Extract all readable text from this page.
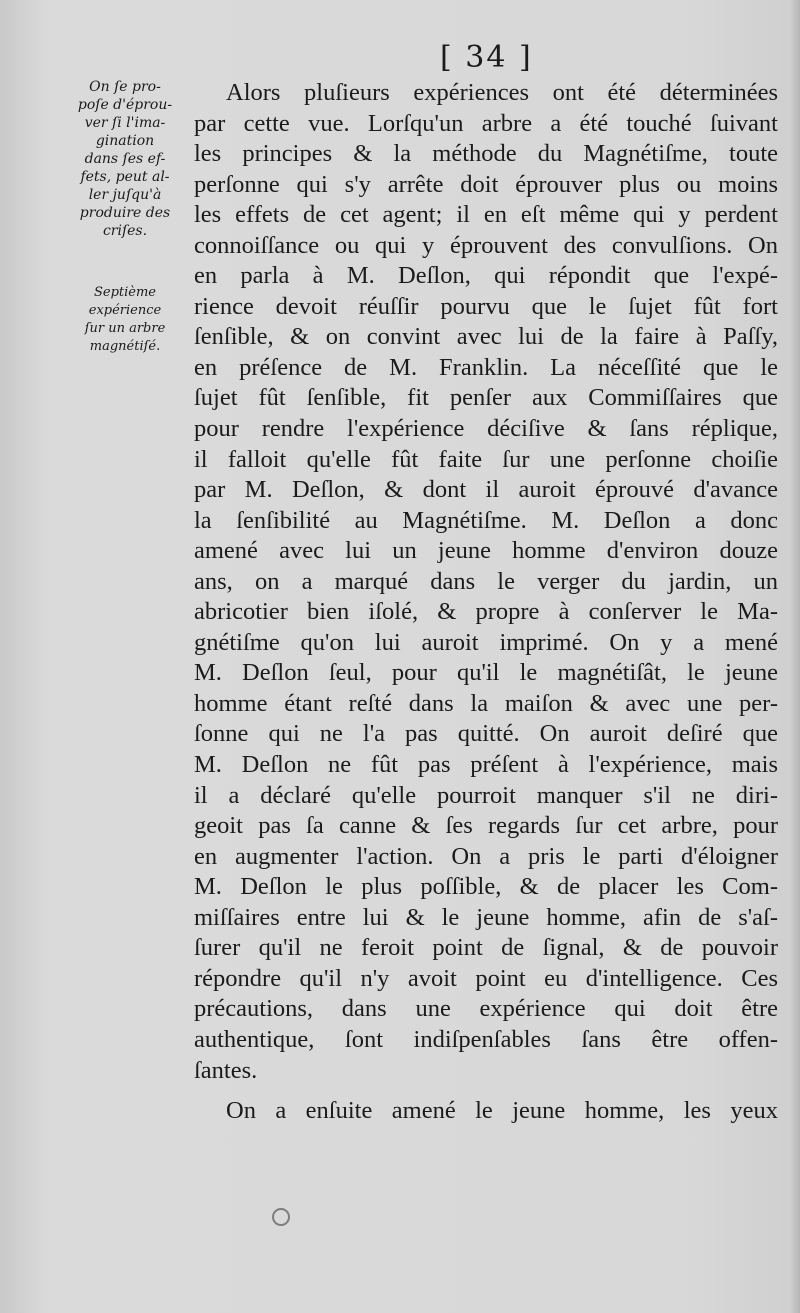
[ 34 ]
On ſe pro-
poſe d'éprou-
ver ſi l'ima-
gination
dans ſes ef-
fets, peut al-
ler juſqu'à
produire des
criſes.
Septième
expérience
ſur un arbre
magnétiſé.
Alors pluſieurs expériences ont été déterminées
par cette vue. Lorſqu'un arbre a été touché ſuivant
les principes & la méthode du Magnétiſme, toute
perſonne qui s'y arrête doit éprouver plus ou moins
les effets de cet agent; il en eſt même qui y perdent
connoiſſance ou qui y éprouvent des convulſions. On
en parla à M. Deſlon, qui répondit que l'expé-
rience devoit réuſſir pourvu que le ſujet fût fort
ſenſible, & on convint avec lui de la faire à Paſſy,
en préſence de M. Franklin. La néceſſité que le
ſujet fût ſenſible, fit penſer aux Commiſſaires que
pour rendre l'expérience déciſive & ſans réplique,
il falloit qu'elle fût faite ſur une perſonne choiſie
par M. Deſlon, & dont il auroit éprouvé d'avance
la ſenſibilité au Magnétiſme. M. Deſlon a donc
amené avec lui un jeune homme d'environ douze
ans, on a marqué dans le verger du jardin, un
abricotier bien iſolé, & propre à conſerver le Ma-
gnétiſme qu'on lui auroit imprimé. On y a mené
M. Deſlon ſeul, pour qu'il le magnétiſât, le jeune
homme étant reſté dans la maiſon & avec une per-
ſonne qui ne l'a pas quitté. On auroit deſiré que
M. Deſlon ne fût pas préſent à l'expérience, mais
il a déclaré qu'elle pourroit manquer s'il ne diri-
geoit pas ſa canne & ſes regards ſur cet arbre, pour
en augmenter l'action. On a pris le parti d'éloigner
M. Deſlon le plus poſſible, & de placer les Com-
miſſaires entre lui & le jeune homme, afin de s'aſ-
ſurer qu'il ne feroit point de ſignal, & de pouvoir
répondre qu'il n'y avoit point eu d'intelligence. Ces
précautions, dans une expérience qui doit être
authentique, ſont indiſpenſables ſans être offen-
ſantes.
On a enſuite amené le jeune homme, les yeux
